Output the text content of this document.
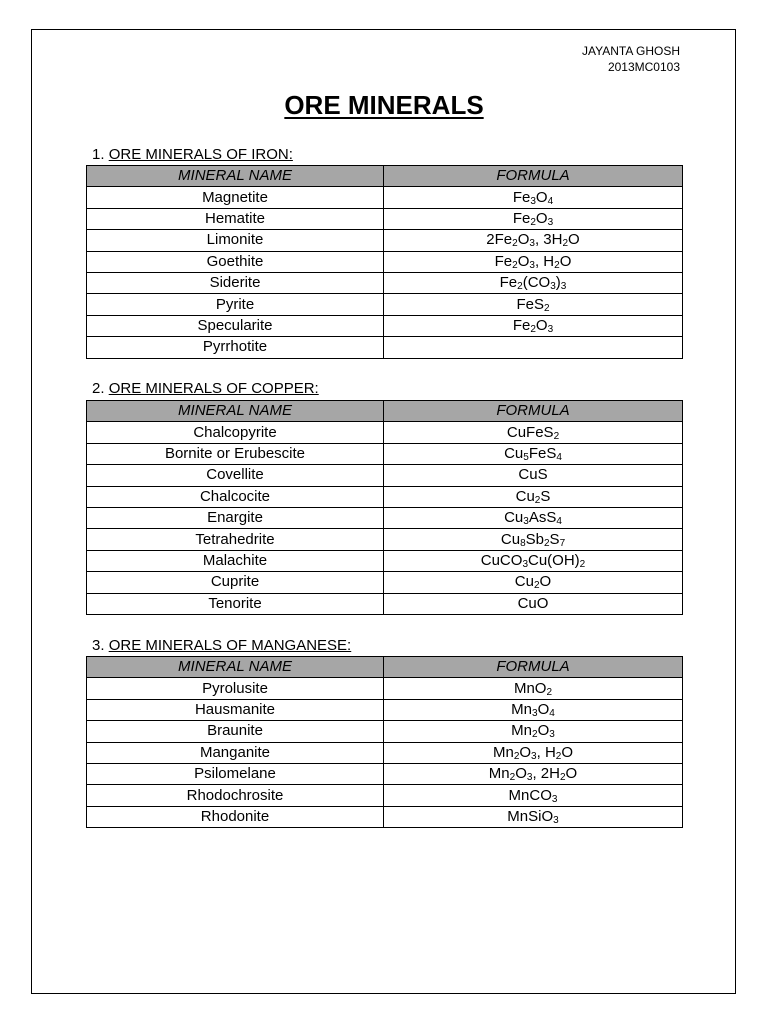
JAYANTA GHOSH
2013MC0103
ORE MINERALS
1. ORE MINERALS OF IRON:
MINERAL NAME	FORMULA
Magnetite	$Fe_3O_4$
Hematite	$Fe_2O_3$
Limonite	$2Fe_2O_3$, $3H_2O$
Goethite	$Fe_2O_3$, $H_2O$
Siderite	$Fe_2(CO_3)_3$
Pyrite	FeS$_2$
Specularite	$Fe_2O_3$
Pyrrhotite	
2. ORE MINERALS OF COPPER:
MINERAL NAME	FORMULA
Chalcopyrite	CuFeS$_2$
Bornite or Erubescite	$Cu_5FeS_4$
Covellite	CuS
Chalcocite	$Cu_2S$
Enargite	$Cu_3AsS_4$
Tetrahedrite	$Cu_8Sb_2S_7$
Malachite	$CuCO_3Cu(OH)_2$
Cuprite	$Cu_2O$
Tenorite	CuO
3. ORE MINERALS OF MANGANESE:
MINERAL NAME	FORMULA
Pyrolusite	MnO$_2$
Hausmanite	$Mn_3O_4$
Braunite	$Mn_2O_3$
Manganite	$Mn_2O_3$, $H_2O$
Psilomelane	$Mn_2O_3$, $2H_2O$
Rhodochrosite	MnCO$_3$
Rhodonite	MnSiO$_3$
